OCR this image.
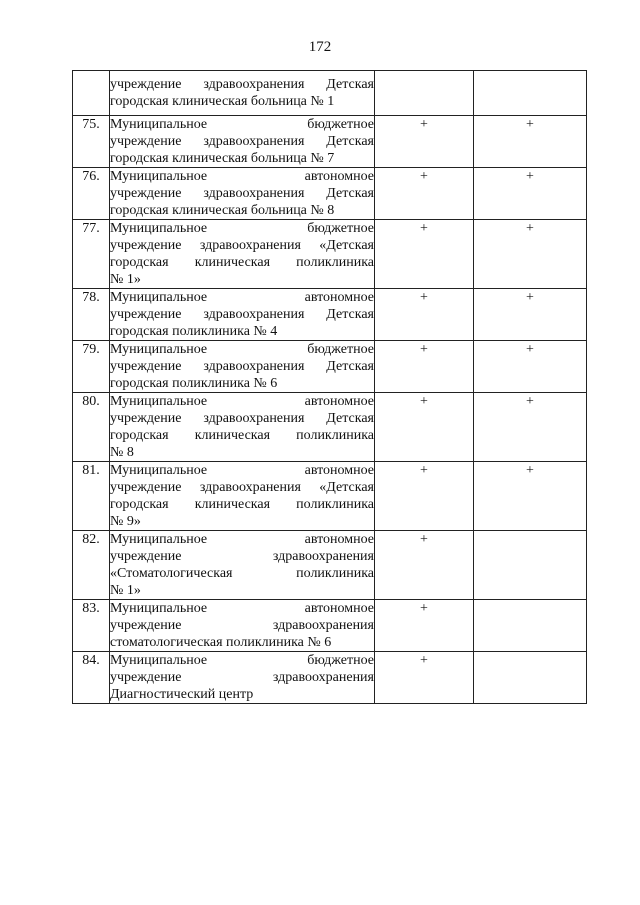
172

	учреждение здравоохранения Детская
городская клиническая больница № 1		

75.	Муниципальное бюджетное
учреждение здравоохранения Детская
городская клиническая больница № 7	+	+
76.	Муниципальное автономное
учреждение здравоохранения Детская
городская клиническая больница № 8	+	+
77.	Муниципальное бюджетное
учреждение здравоохранения «Детская
городская клиническая поликлиника
№ 1»	+	+
78.	Муниципальное автономное
учреждение здравоохранения Детская
городская поликлиника № 4	+	+
79.	Муниципальное бюджетное
учреждение здравоохранения Детская
городская поликлиника № 6	+	+
80.	Муниципальное автономное
учреждение здравоохранения Детская
городская клиническая поликлиника
№ 8	+	+
81.	Муниципальное автономное
учреждение здравоохранения «Детская
городская клиническая поликлиника
№ 9»	+	+
82.	Муниципальное автономное
учреждение здравоохранения
«Стоматологическая поликлиника
№ 1»	+	
83.	Муниципальное автономное
учреждение здравоохранения
стоматологическая поликлиника № 6	+	
84.	Муниципальное бюджетное
учреждение здравоохранения
Диагностический центр	+	
